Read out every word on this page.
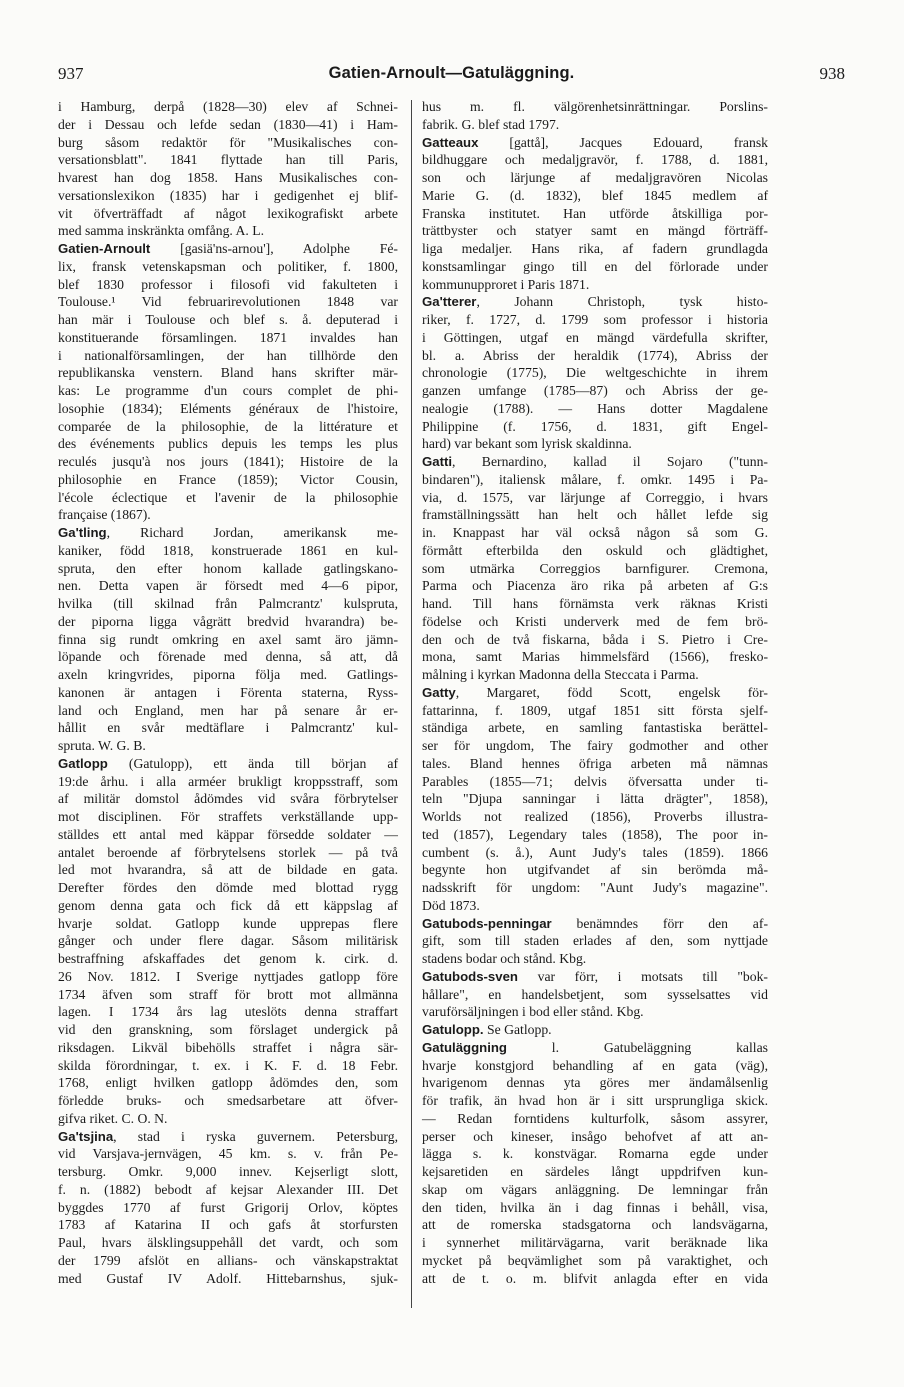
937	Gatien-Arnoult—Gatuläggning.	938
i Hamburg, derpå (1828—30) elev af Schnei-
der i Dessau och lefde sedan (1830—41) i Ham-
burg såsom redaktör för "Musikalisches con-
versationsblatt". 1841 flyttade han till Paris,
hvarest han dog 1858. Hans Musikalisches con-
versationslexikon (1835) har i gedigenhet ej blif-
vit öfverträffadt af något lexikografiskt arbete
med samma inskränkta omfång. A. L.
Gatien-Arnoult [gasiä'ns-arnou'], Adolphe Fé-
lix, fransk vetenskapsman och politiker, f. 1800,
blef 1830 professor i filosofi vid fakulteten i
Toulouse.¹ Vid februarirevolutionen 1848 var
han mär i Toulouse och blef s. å. deputerad i
konstituerande församlingen. 1871 invaldes han
i nationalförsamlingen, der han tillhörde den
republikanska venstern. Bland hans skrifter mär-
kas: Le programme d'un cours complet de phi-
losophie (1834); Eléments généraux de l'histoire,
comparée de la philosophie, de la littérature et
des événements publics depuis les temps les plus
reculés jusqu'à nos jours (1841); Histoire de la
philosophie en France (1859); Victor Cousin,
l'école éclectique et l'avenir de la philosophie
française (1867).
Ga'tling, Richard Jordan, amerikansk me-
kaniker, född 1818, konstruerade 1861 en kul-
spruta, den efter honom kallade gatlingskano-
nen. Detta vapen är försedt med 4—6 pipor,
hvilka (till skilnad från Palmcrantz' kulspruta,
der piporna ligga vågrätt bredvid hvarandra) be-
finna sig rundt omkring en axel samt äro jämn-
löpande och förenade med denna, så att, då
axeln kringvrides, piporna följa med. Gatlings-
kanonen är antagen i Förenta staterna, Ryss-
land och England, men har på senare år er-
hållit en svår medtäflare i Palmcrantz' kul-
spruta. W. G. B.
Gatlopp (Gatulopp), ett ända till början af
19:de århu. i alla arméer brukligt kroppsstraff, som
af militär domstol ådömdes vid svåra förbrytelser
mot disciplinen. För straffets verkställande upp-
ställdes ett antal med käppar försedde soldater —
antalet beroende af förbrytelsens storlek — på två
led mot hvarandra, så att de bildade en gata.
Derefter fördes den dömde med blottad rygg
genom denna gata och fick då ett käppslag af
hvarje soldat. Gatlopp kunde upprepas flere
gånger och under flere dagar. Såsom militärisk
bestraffning afskaffades det genom k. cirk. d.
26 Nov. 1812. I Sverige nyttjades gatlopp före
1734 äfven som straff för brott mot allmänna
lagen. I 1734 års lag uteslöts denna straffart
vid den granskning, som förslaget undergick på
riksdagen. Likväl bibehölls straffet i några sär-
skilda förordningar, t. ex. i K. F. d. 18 Febr.
1768, enligt hvilken gatlopp ådömdes den, som
förledde bruks- och smedsarbetare att öfver-
gifva riket. C. O. N.
Ga'tsjina, stad i ryska guvernem. Petersburg,
vid Varsjava-jernvägen, 45 km. s. v. från Pe-
tersburg. Omkr. 9,000 innev. Kejserligt slott,
f. n. (1882) bebodt af kejsar Alexander III. Det
byggdes 1770 af furst Grigorij Orlov, köptes
1783 af Katarina II och gafs åt storfursten
Paul, hvars älsklingsuppehåll det vardt, och som
der 1799 afslöt en allians- och vänskapstraktat
med Gustaf IV Adolf. Hittebarnshus, sjuk-
hus m. fl. välgörenhetsinrättningar. Porslins-
fabrik. G. blef stad 1797.
Gatteaux [gattå], Jacques Edouard, fransk
bildhuggare och medaljgravör, f. 1788, d. 1881,
son och lärjunge af medaljgravören Nicolas
Marie G. (d. 1832), blef 1845 medlem af
Franska institutet. Han utförde åtskilliga por-
trättbyster och statyer samt en mängd förträff-
liga medaljer. Hans rika, af fadern grundlagda
konstsamlingar gingo till en del förlorade under
kommunupproret i Paris 1871.
Ga'tterer, Johann Christoph, tysk histo-
riker, f. 1727, d. 1799 som professor i historia
i Göttingen, utgaf en mängd värdefulla skrifter,
bl. a. Abriss der heraldik (1774), Abriss der
chronologie (1775), Die weltgeschichte in ihrem
ganzen umfange (1785—87) och Abriss der ge-
nealogie (1788). — Hans dotter Magdalene
Philippine (f. 1756, d. 1831, gift Engel-
hard) var bekant som lyrisk skaldinna.
Gatti, Bernardino, kallad il Sojaro ("tunn-
bindaren"), italiensk målare, f. omkr. 1495 i Pa-
via, d. 1575, var lärjunge af Correggio, i hvars
framställningssätt han helt och hållet lefde sig
in. Knappast har väl också någon så som G.
förmått efterbilda den oskuld och glädtighet,
som utmärka Correggios barnfigurer. Cremona,
Parma och Piacenza äro rika på arbeten af G:s
hand. Till hans förnämsta verk räknas Kristi
födelse och Kristi underverk med de fem brö-
den och de två fiskarna, båda i S. Pietro i Cre-
mona, samt Marias himmelsfärd (1566), fresko-
målning i kyrkan Madonna della Steccata i Parma.
Gatty, Margaret, född Scott, engelsk för-
fattarinna, f. 1809, utgaf 1851 sitt första sjelf-
ständiga arbete, en samling fantastiska berättel-
ser för ungdom, The fairy godmother and other
tales. Bland hennes öfriga arbeten må nämnas
Parables (1855—71; delvis öfversatta under ti-
teln "Djupa sanningar i lätta drägter", 1858),
Worlds not realized (1856), Proverbs illustra-
ted (1857), Legendary tales (1858), The poor in-
cumbent (s. å.), Aunt Judy's tales (1859). 1866
begynte hon utgifvandet af sin berömda må-
nadsskrift för ungdom: "Aunt Judy's magazine".
Död 1873.
Gatubods-penningar benämndes förr den af-
gift, som till staden erlades af den, som nyttjade
stadens bodar och stånd. Kbg.
Gatubods-sven var förr, i motsats till "bok-
hållare", en handelsbetjent, som sysselsattes vid
varuförsäljningen i bod eller stånd. Kbg.
Gatulopp. Se Gatlopp.
Gatuläggning l. Gatubeläggning kallas
hvarje konstgjord behandling af en gata (väg),
hvarigenom dennas yta göres mer ändamålsenlig
för trafik, än hvad hon är i sitt ursprungliga skick.
— Redan forntidens kulturfolk, såsom assyrer,
perser och kineser, insågo behofvet af att an-
lägga s. k. konstvägar. Romarna egde under
kejsaretiden en särdeles långt uppdrifven kun-
skap om vägars anläggning. De lemningar från
den tiden, hvilka än i dag finnas i behåll, visa,
att de romerska stadsgatorna och landsvägarna,
i synnerhet militärvägarna, varit beräknade lika
mycket på beqvämlighet som på varaktighet, och
att de t. o. m. blifvit anlagda efter en vida
